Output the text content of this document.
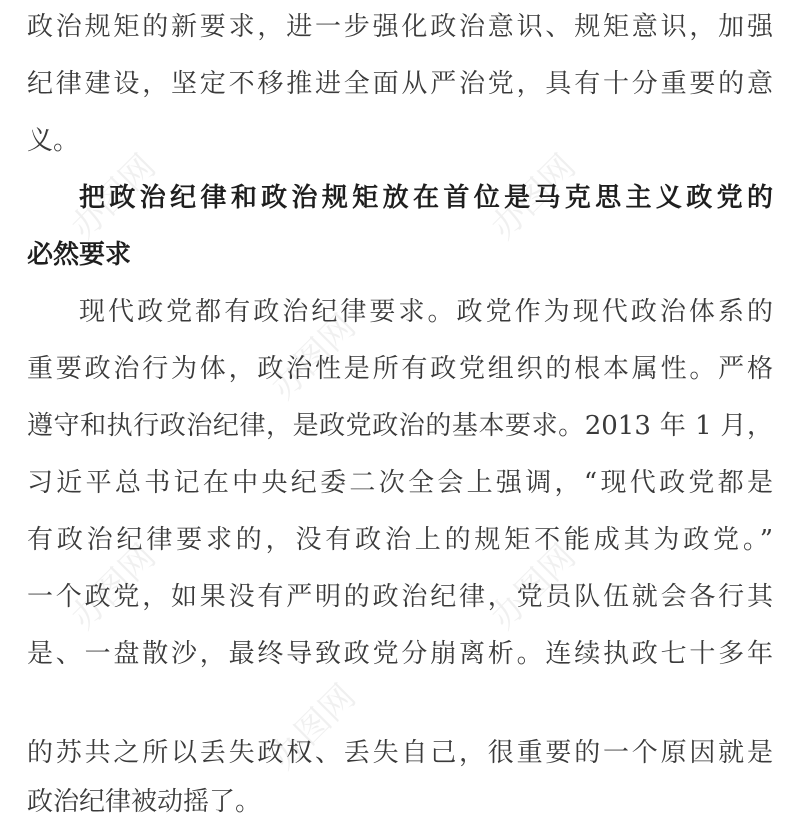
办图网	办图网
办图网
办图网	办图网
办图网

政治规矩的新要求，进一步强化政治意识、规矩意识，加强

纪律建设，坚定不移推进全面从严治党，具有十分重要的意

义。

把政治纪律和政治规矩放在首位是马克思主义政党的

必然要求

现代政党都有政治纪律要求。政党作为现代政治体系的

重要政治行为体，政治性是所有政党组织的根本属性。严格

遵守和执行政治纪律，是政党政治的基本要求。2013 年 1 月，

习近平总书记在中央纪委二次全会上强调，“现代政党都是

有政治纪律要求的，没有政治上的规矩不能成其为政党。”

一个政党，如果没有严明的政治纪律，党员队伍就会各行其

是、一盘散沙，最终导致政党分崩离析。连续执政七十多年

的苏共之所以丢失政权、丢失自己，很重要的一个原因就是

政治纪律被动摇了。
